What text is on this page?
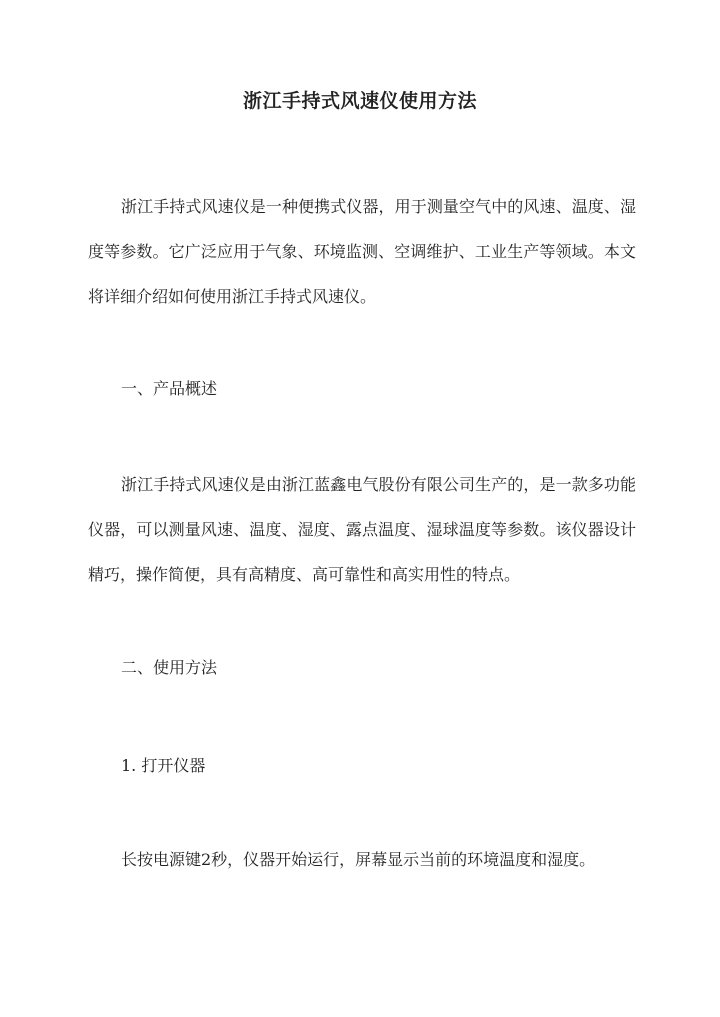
浙江手持式风速仪使用方法

浙江手持式风速仪是一种便携式仪器，用于测量空气中的风速、温度、湿度等参数。它广泛应用于气象、环境监测、空调维护、工业生产等领域。本文将详细介绍如何使用浙江手持式风速仪。

一、产品概述

浙江手持式风速仪是由浙江蓝鑫电气股份有限公司生产的，是一款多功能仪器，可以测量风速、温度、湿度、露点温度、湿球温度等参数。该仪器设计精巧，操作简便，具有高精度、高可靠性和高实用性的特点。

二、使用方法

1. 打开仪器

长按电源键2秒，仪器开始运行，屏幕显示当前的环境温度和湿度。
